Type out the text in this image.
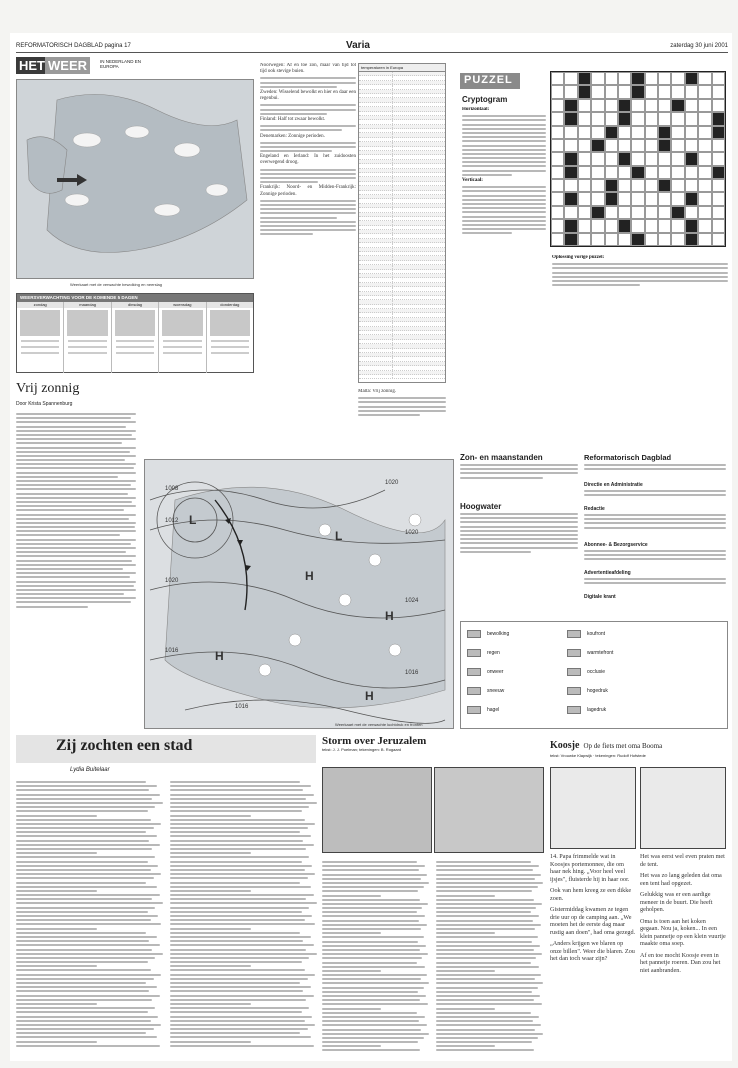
REFORMATORISCH DAGBLAD pagina 17	Varia	zaterdag 30 juni 2001
HET WEER	IN NEDERLAND EN EUROPA
Weerkaart met de verwachte bewolking en neerslag
WEERSVERWACHTING VOOR DE KOMENDE 5 DAGEN
zondag	maandag	dinsdag	woensdag	donderdag
Vrij zonnig
Door Krista Spannenburg

Noorwegen: Af en toe zon, maar van tijd tot tijd ook stevige buien.

Zweden: Wisselend bewolkt en hier en daar een regenbui.

Finland: Half tot zwaar bewolkt.

Denemarken: Zonnige perioden.

Engeland en Ierland: In het zuidoosten overwegend droog.

Frankrijk: Noord- en Midden-Frankrijk: Zonnige perioden.

temperaturen in Europa

Malta: Vrij zonnig.

1008
1012
1020
1016
1016
1020
1020
1024
1016
L
L
H
H
H
H
Weerkaart met de verwachte luchtdruk en fronten
PUZZEL
Cryptogram
Horizontaal:
Verticaal:
Oplossing vorige puzzel:
Zon- en maanstanden
Hoogwater
Reformatorisch Dagblad
Directie en Administratie
Redactie
Abonnee- & Bezorgservice
Advertentieafdeling
Digitale krant
bewolking
regen
onweer
sneeuw
hagel
koufront
warmtefront
occlusie
hogedruk
lagedruk
Zij zochten een stad
Lydia Buitelaar
Storm over Jeruzalem
tekst: J. J. Poelman; tekeningen: B. Rogaard	Koosje Op de fiets met oma Booma
tekst: Vrouwke Klapwijk · tekeningen: Rudolf Hofstede

14. Papa frimmelde wat in Koosjes portemonnee, die om haar nek hing. „Voor heel veel ijsjes", fluisterde hij in haar oor.

Ook van hem kreeg ze een dikke zoen.

Gistermiddag kwamen ze tegen drie uur op de camping aan. „We moeten het de eerste dag maar rustig aan doen", had oma gezegd.

„Anders krijgen we blaren op onze billen". Weer die blaren. Zou het dan toch waar zijn?

Het was eerst wel even praten met de tent.

Het was zo lang geleden dat oma een tent had opgezet.

Gelukkig was er een aardige meneer in de buurt. Die heeft geholpen.

Oma is toen aan het koken gegaan. Nou ja, koken... In een klein pannetje op een klein vuurtje maakte oma soep.

Af en toe mocht Koosje even in het pannetje roeren. Dan zou het niet aanbranden.
